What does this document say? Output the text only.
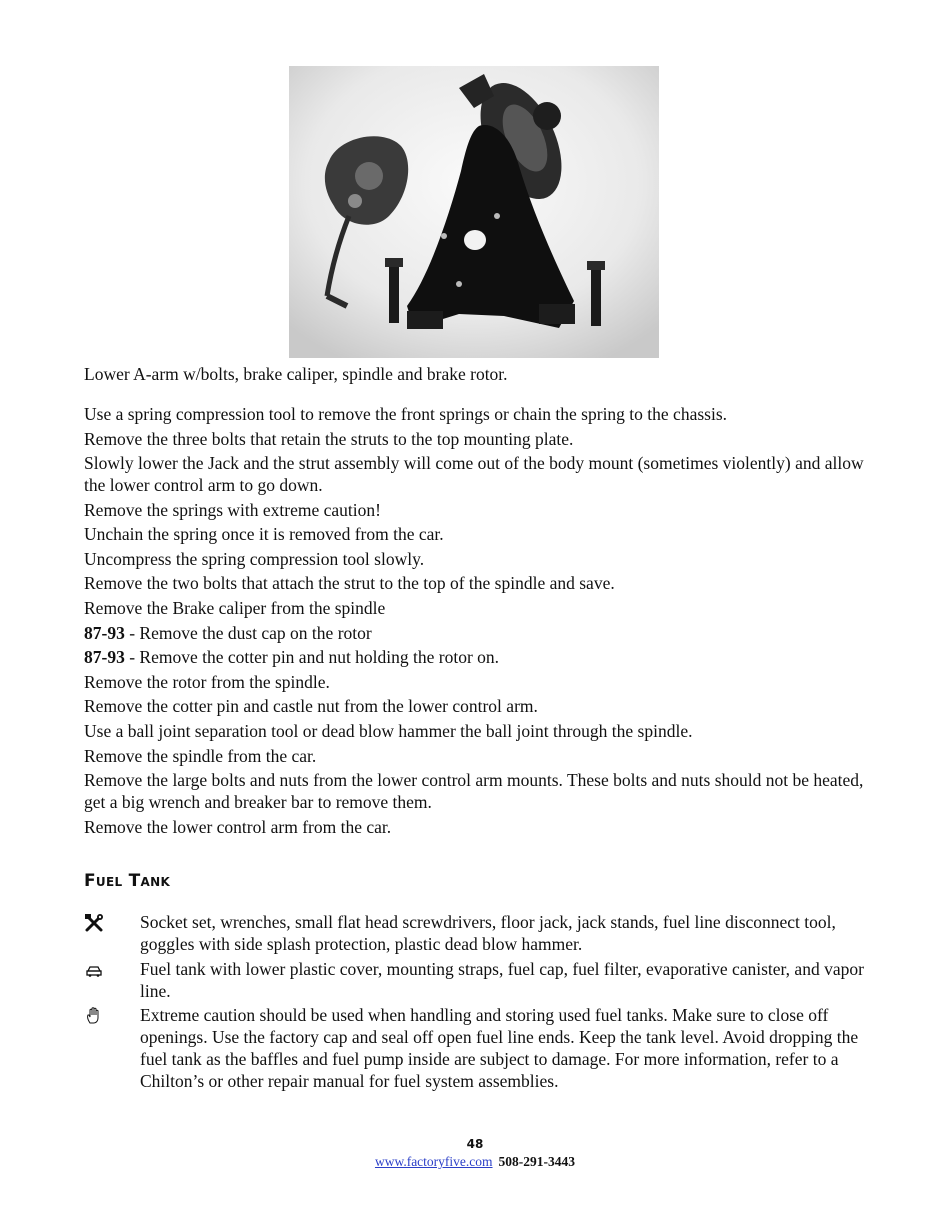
Lower A-arm w/bolts, brake caliper, spindle and brake rotor.

Use a spring compression tool to remove the front springs or chain the spring to the chassis.
Remove the three bolts that retain the struts to the top mounting plate.
Slowly lower the Jack and the strut assembly will come out of the body mount (sometimes violently) and allow the lower control arm to go down.
Remove the springs with extreme caution!
Unchain the spring once it is removed from the car.
Uncompress the spring compression tool slowly.
Remove the two bolts that attach the strut to the top of the spindle and save.
Remove the Brake caliper from the spindle
87-93 - Remove the dust cap on the rotor
87-93 - Remove the cotter pin and nut holding the rotor on.
Remove the rotor from the spindle.
Remove the cotter pin and castle nut from the lower control arm.
Use a ball joint separation tool or dead blow hammer the ball joint through the spindle.
Remove the spindle from the car.
Remove the large bolts and nuts from the lower control arm mounts. These bolts and nuts should not be heated, get a big wrench and breaker bar to remove them.
Remove the lower control arm from the car.
Fuel Tank
Socket set, wrenches, small flat head screwdrivers, floor jack, jack stands, fuel line disconnect tool, goggles with side splash protection, plastic dead blow hammer.
Fuel tank with lower plastic cover, mounting straps, fuel cap, fuel filter, evaporative canister, and vapor line.
Extreme caution should be used when handling and storing used fuel tanks. Make sure to close off openings. Use the factory cap and seal off open fuel line ends. Keep the tank level. Avoid dropping the fuel tank as the baffles and fuel pump inside are subject to damage. For more information, refer to a Chilton’s or other repair manual for fuel system assemblies.
48
www.factoryfive.com 508-291-3443
